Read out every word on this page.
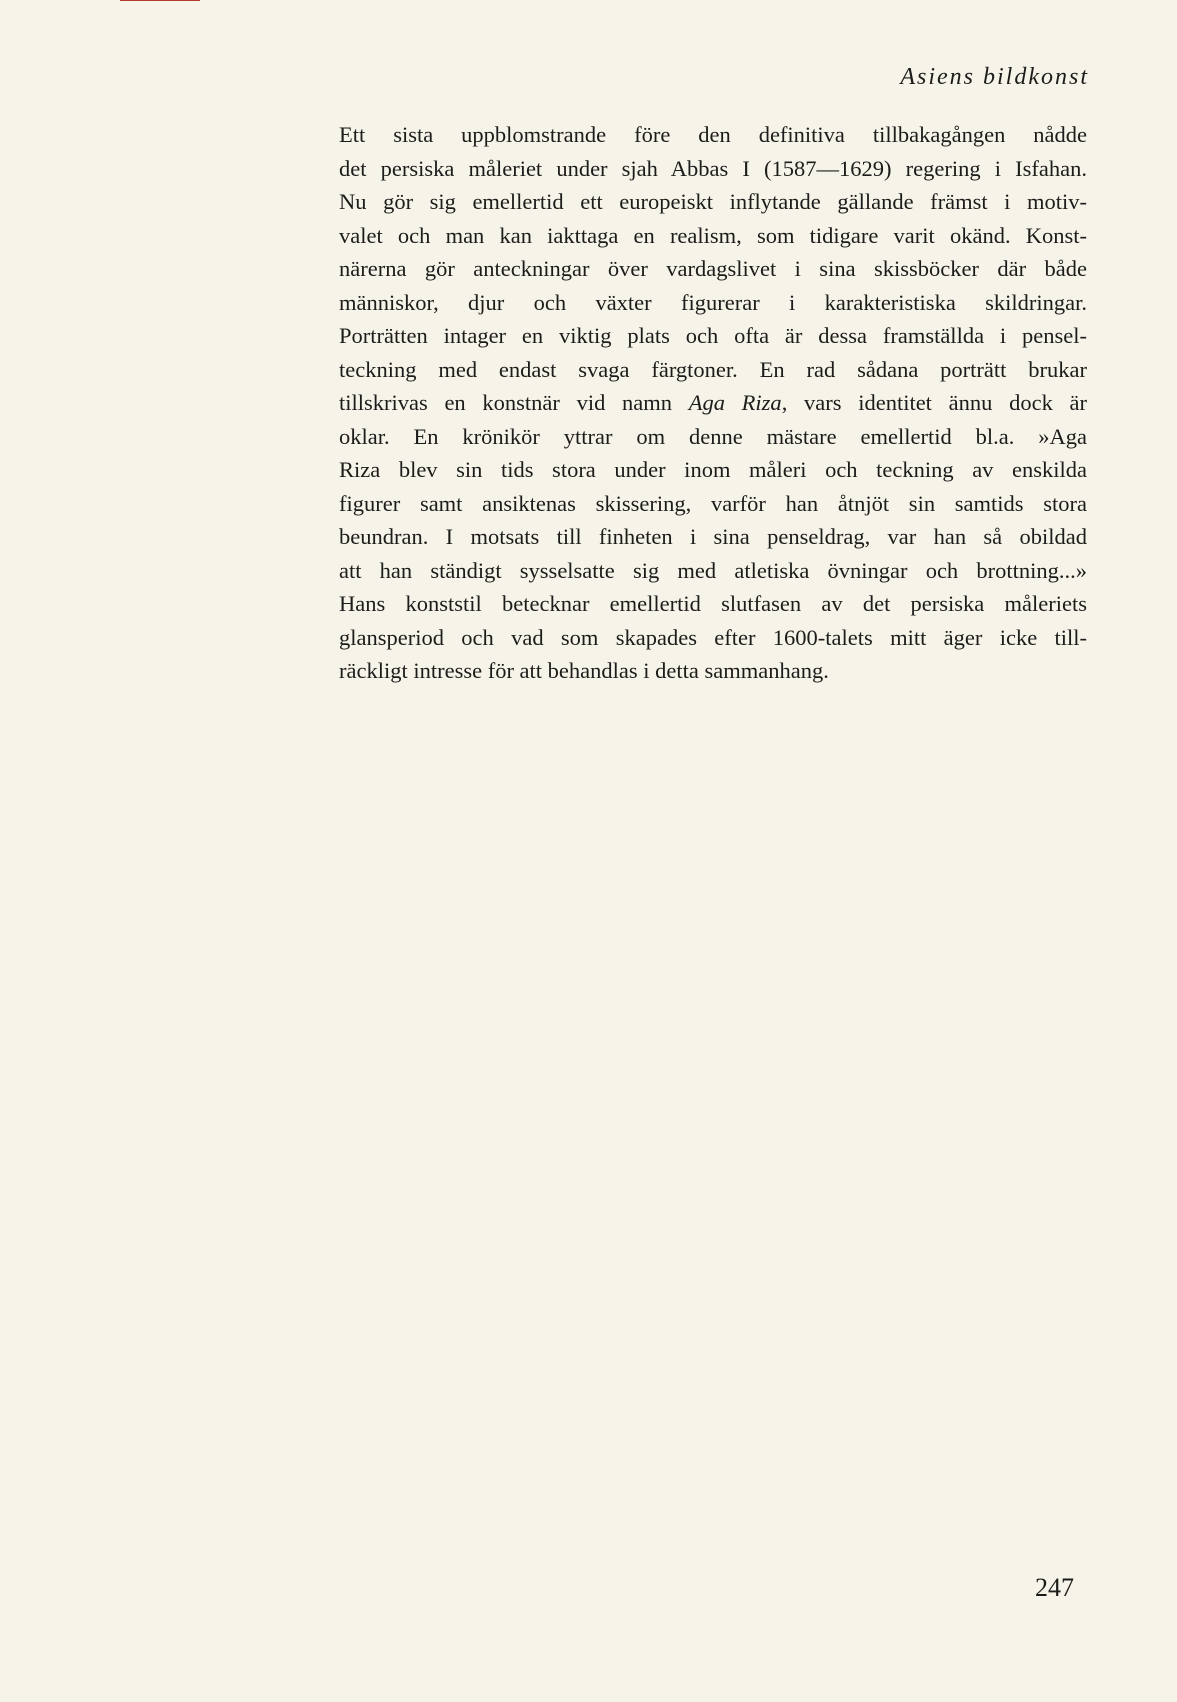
Asiens bildkonst

Ett sista uppblomstrande före den definitiva tillbakagången nådde
det persiska måleriet under sjah Abbas I (1587—1629) regering i Isfahan.
Nu gör sig emellertid ett europeiskt inflytande gällande främst i motiv-
valet och man kan iakttaga en realism, som tidigare varit okänd. Konst-
närerna gör anteckningar över vardagslivet i sina skissböcker där både
människor, djur och växter figurerar i karakteristiska skildringar.
Porträtten intager en viktig plats och ofta är dessa framställda i pensel-
teckning med endast svaga färgtoner. En rad sådana porträtt brukar
tillskrivas en konstnär vid namn Aga Riza, vars identitet ännu dock är
oklar. En krönikör yttrar om denne mästare emellertid bl.a. »Aga
Riza blev sin tids stora under inom måleri och teckning av enskilda
figurer samt ansiktenas skissering, varför han åtnjöt sin samtids stora
beundran. I motsats till finheten i sina penseldrag, var han så obildad
att han ständigt sysselsatte sig med atletiska övningar och brottning...»
Hans konststil betecknar emellertid slutfasen av det persiska måleriets
glansperiod och vad som skapades efter 1600-talets mitt äger icke till-
räckligt intresse för att behandlas i detta sammanhang.

247
